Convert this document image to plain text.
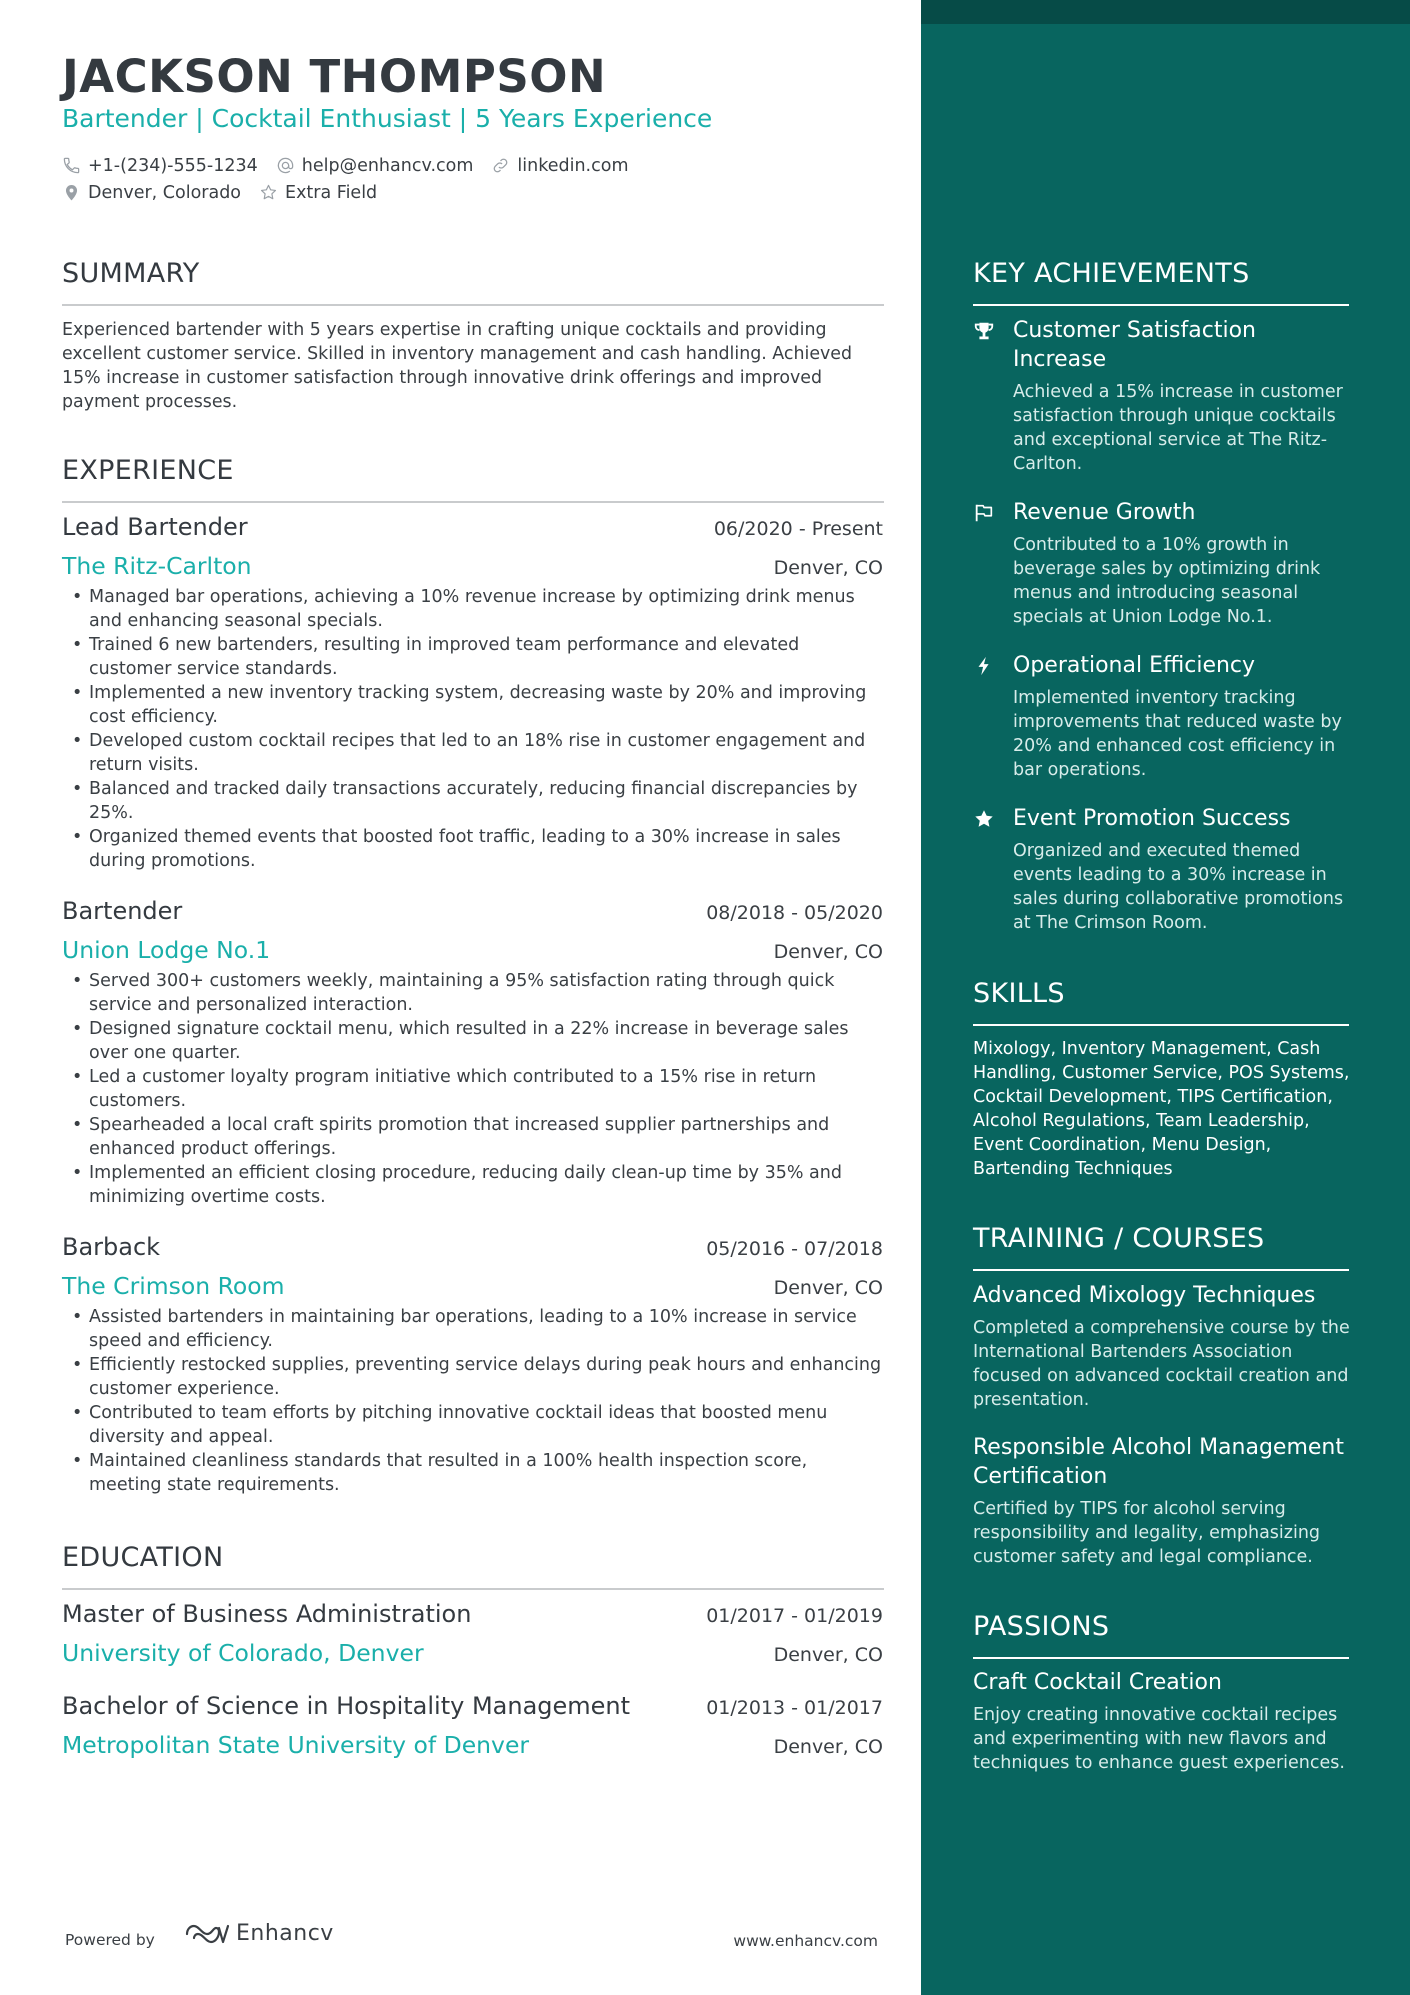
JACKSON THOMPSON
Bartender | Cocktail Enthusiast | 5 Years Experience
+1-(234)-555-1234	help@enhancv.com	linkedin.com
Denver, Colorado	Extra Field
SUMMARY
Experienced bartender with 5 years expertise in crafting unique cocktails and providing excellent customer service. Skilled in inventory management and cash handling. Achieved 15% increase in customer satisfaction through innovative drink offerings and improved payment processes.
EXPERIENCE
Lead Bartender	06/2020 - Present
The Ritz-Carlton	Denver, CO
• Managed bar operations, achieving a 10% revenue increase by optimizing drink menus and enhancing seasonal specials.
• Trained 6 new bartenders, resulting in improved team performance and elevated customer service standards.
• Implemented a new inventory tracking system, decreasing waste by 20% and improving cost efficiency.
• Developed custom cocktail recipes that led to an 18% rise in customer engagement and return visits.
• Balanced and tracked daily transactions accurately, reducing financial discrepancies by 25%.
• Organized themed events that boosted foot traffic, leading to a 30% increase in sales during promotions.
Bartender	08/2018 - 05/2020
Union Lodge No.1	Denver, CO
• Served 300+ customers weekly, maintaining a 95% satisfaction rating through quick service and personalized interaction.
• Designed signature cocktail menu, which resulted in a 22% increase in beverage sales over one quarter.
• Led a customer loyalty program initiative which contributed to a 15% rise in return customers.
• Spearheaded a local craft spirits promotion that increased supplier partnerships and enhanced product offerings.
• Implemented an efficient closing procedure, reducing daily clean-up time by 35% and minimizing overtime costs.
Barback	05/2016 - 07/2018
The Crimson Room	Denver, CO
• Assisted bartenders in maintaining bar operations, leading to a 10% increase in service speed and efficiency.
• Efficiently restocked supplies, preventing service delays during peak hours and enhancing customer experience.
• Contributed to team efforts by pitching innovative cocktail ideas that boosted menu diversity and appeal.
• Maintained cleanliness standards that resulted in a 100% health inspection score, meeting state requirements.
EDUCATION
Master of Business Administration	01/2017 - 01/2019
University of Colorado, Denver	Denver, CO
Bachelor of Science in Hospitality Management	01/2013 - 01/2017
Metropolitan State University of Denver	Denver, CO
Powered by	Enhancv	www.enhancv.com
KEY ACHIEVEMENTS
Customer Satisfaction Increase
Achieved a 15% increase in customer satisfaction through unique cocktails and exceptional service at The Ritz-Carlton.
Revenue Growth
Contributed to a 10% growth in beverage sales by optimizing drink menus and introducing seasonal specials at Union Lodge No.1.
Operational Efficiency
Implemented inventory tracking improvements that reduced waste by 20% and enhanced cost efficiency in bar operations.
Event Promotion Success
Organized and executed themed events leading to a 30% increase in sales during collaborative promotions at The Crimson Room.
SKILLS
Mixology, Inventory Management, Cash Handling, Customer Service, POS Systems, Cocktail Development, TIPS Certification, Alcohol Regulations, Team Leadership, Event Coordination, Menu Design, Bartending Techniques
TRAINING / COURSES
Advanced Mixology Techniques
Completed a comprehensive course by the International Bartenders Association focused on advanced cocktail creation and presentation.
Responsible Alcohol Management Certification
Certified by TIPS for alcohol serving responsibility and legality, emphasizing customer safety and legal compliance.
PASSIONS
Craft Cocktail Creation
Enjoy creating innovative cocktail recipes and experimenting with new flavors and techniques to enhance guest experiences.
